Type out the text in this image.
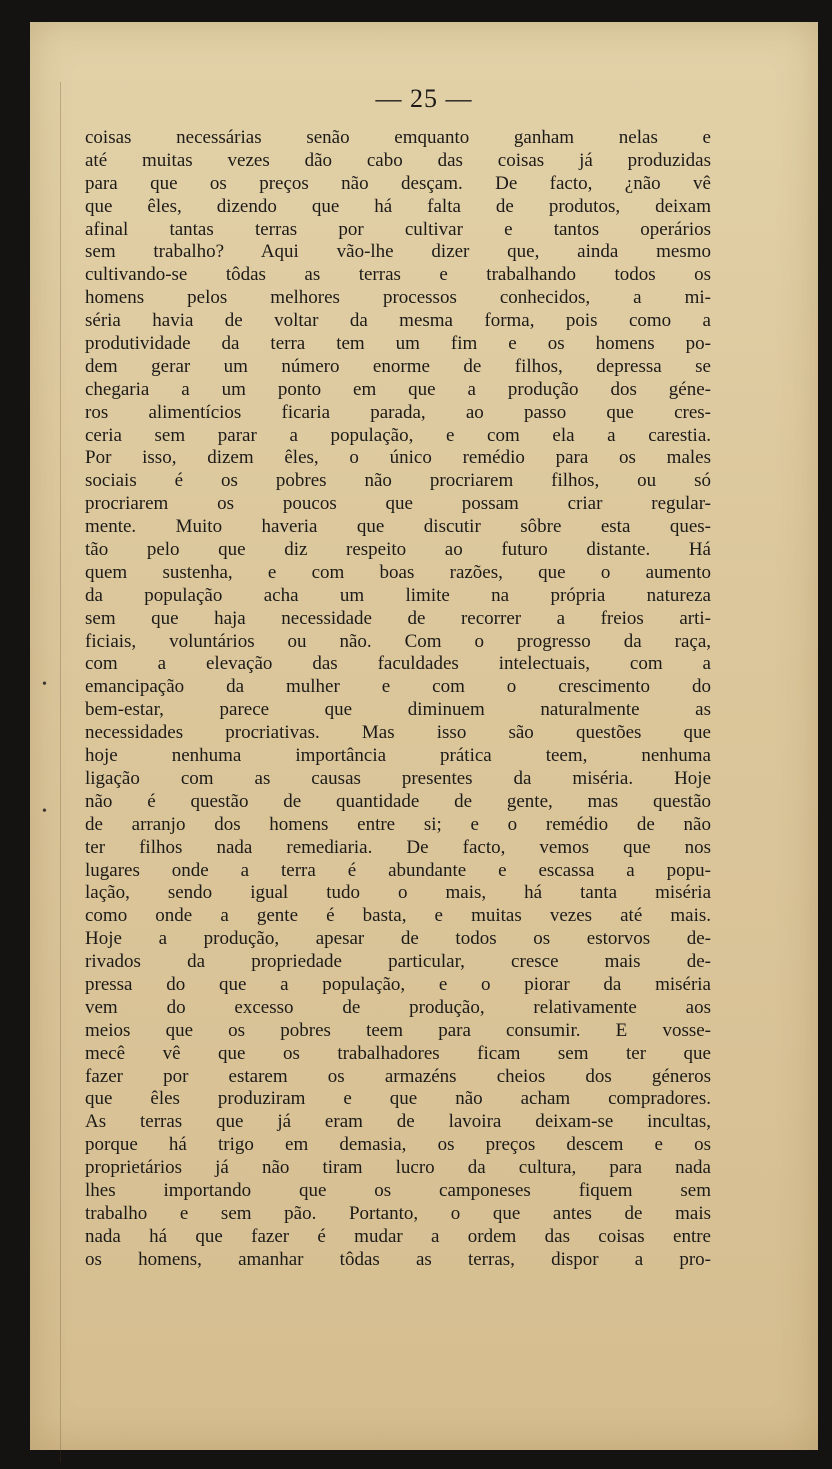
— 25 —
coisas necessárias senão emquanto ganham nelas e
até muitas vezes dão cabo das coisas já produzidas
para que os preços não desçam. De facto, ¿não vê
que êles, dizendo que há falta de produtos, deixam
afinal tantas terras por cultivar e tantos operários
sem trabalho? Aqui vão-lhe dizer que, ainda mesmo
cultivando-se tôdas as terras e trabalhando todos os
homens pelos melhores processos conhecidos, a mi-
séria havia de voltar da mesma forma, pois como a
produtividade da terra tem um fim e os homens po-
dem gerar um número enorme de filhos, depressa se
chegaria a um ponto em que a produção dos géne-
ros alimentícios ficaria parada, ao passo que cres-
ceria sem parar a população, e com ela a carestia.
Por isso, dizem êles, o único remédio para os males
sociais é os pobres não procriarem filhos, ou só
procriarem os poucos que possam criar regular-
mente. Muito haveria que discutir sôbre esta ques-
tão pelo que diz respeito ao futuro distante. Há
quem sustenha, e com boas razões, que o aumento
da população acha um limite na própria natureza
sem que haja necessidade de recorrer a freios arti-
ficiais, voluntários ou não. Com o progresso da raça,
com a elevação das faculdades intelectuais, com a
emancipação da mulher e com o crescimento do
bem-estar, parece que diminuem naturalmente as
necessidades procriativas. Mas isso são questões que
hoje nenhuma importância prática teem, nenhuma
ligação com as causas presentes da miséria. Hoje
não é questão de quantidade de gente, mas questão
de arranjo dos homens entre si; e o remédio de não
ter filhos nada remediaria. De facto, vemos que nos
lugares onde a terra é abundante e escassa a popu-
lação, sendo igual tudo o mais, há tanta miséria
como onde a gente é basta, e muitas vezes até mais.
Hoje a produção, apesar de todos os estorvos de-
rivados da propriedade particular, cresce mais de-
pressa do que a população, e o piorar da miséria
vem do excesso de produção, relativamente aos
meios que os pobres teem para consumir. E vosse-
mecê vê que os trabalhadores ficam sem ter que
fazer por estarem os armazéns cheios dos géneros
que êles produziram e que não acham compradores.
As terras que já eram de lavoira deixam-se incultas,
porque há trigo em demasia, os preços descem e os
proprietários já não tiram lucro da cultura, para nada
lhes importando que os camponeses fiquem sem
trabalho e sem pão. Portanto, o que antes de mais
nada há que fazer é mudar a ordem das coisas entre
os homens, amanhar tôdas as terras, dispor a pro-
•
•
